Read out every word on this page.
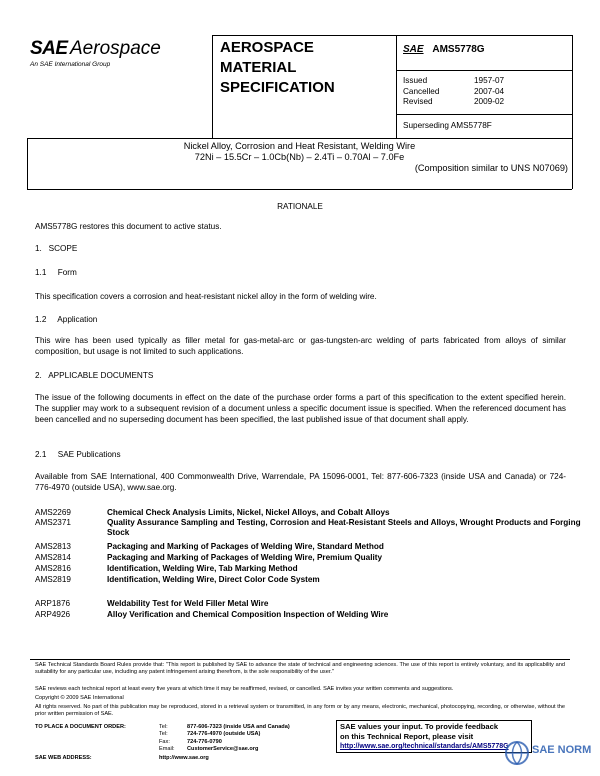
SAE Aerospace
An SAE International Group
AEROSPACE
MATERIAL
SPECIFICATION
SAE AMS5778G
Issued	1957-07
Cancelled	2007-04
Revised	2009-02
Superseding AMS5778F
Nickel Alloy, Corrosion and Heat Resistant, Welding Wire
72Ni – 15.5Cr – 1.0Cb(Nb) – 2.4Ti – 0.70Al – 7.0Fe
(Composition similar to UNS N07069)
RATIONALE
AMS5778G restores this document to active status.
1.   SCOPE
1.1     Form
This specification covers a corrosion and heat-resistant nickel alloy in the form of welding wire.
1.2     Application
This wire has been used typically as filler metal for gas-metal-arc or gas-tungsten-arc welding of parts fabricated from alloys of similar composition, but usage is not limited to such applications.
2.   APPLICABLE DOCUMENTS
The issue of the following documents in effect on the date of the purchase order forms a part of this specification to the extent specified herein. The supplier may work to a subsequent revision of a document unless a specific document issue is specified. When the referenced document has been cancelled and no superseding document has been specified, the last published issue of that document shall apply.
2.1     SAE Publications
Available from SAE International, 400 Commonwealth Drive, Warrendale, PA 15096-0001, Tel: 877-606-7323 (inside USA and Canada) or 724-776-4970 (outside USA), www.sae.org.
AMS2269	Chemical Check Analysis Limits, Nickel, Nickel Alloys, and Cobalt Alloys
AMS2371	Quality Assurance Sampling and Testing, Corrosion and Heat-Resistant Steels and Alloys, Wrought Products and Forging Stock
AMS2813	Packaging and Marking of Packages of Welding Wire, Standard Method
AMS2814	Packaging and Marking of Packages of Welding Wire, Premium Quality
AMS2816	Identification, Welding Wire, Tab Marking Method
AMS2819	Identification, Welding Wire, Direct Color Code System
ARP1876	Weldability Test for Weld Filler Metal Wire
ARP4926	Alloy Verification and Chemical Composition Inspection of Welding Wire
SAE Technical Standards Board Rules provide that: "This report is published by SAE to advance the state of technical and engineering sciences. The use of this report is entirely voluntary, and its applicability and suitability for any particular use, including any patent infringement arising therefrom, is the sole responsibility of the user."
SAE reviews each technical report at least every five years at which time it may be reaffirmed, revised, or cancelled. SAE invites your written comments and suggestions.
Copyright © 2009 SAE International
All rights reserved. No part of this publication may be reproduced, stored in a retrieval system or transmitted, in any form or by any means, electronic, mechanical, photocopying, recording, or otherwise, without the prior written permission of SAE.
TO PLACE A DOCUMENT ORDER:	Tel:	877-606-7323 (inside USA and Canada)
Tel:	724-776-4970 (outside USA)
Fax:	724-776-0790
Email: CustomerService@sae.org
SAE WEB ADDRESS:	http://www.sae.org
SAE values your input. To provide feedback
on this Technical Report, please visit
http://www.sae.org/technical/standards/AMS5778G	SAE NORM
